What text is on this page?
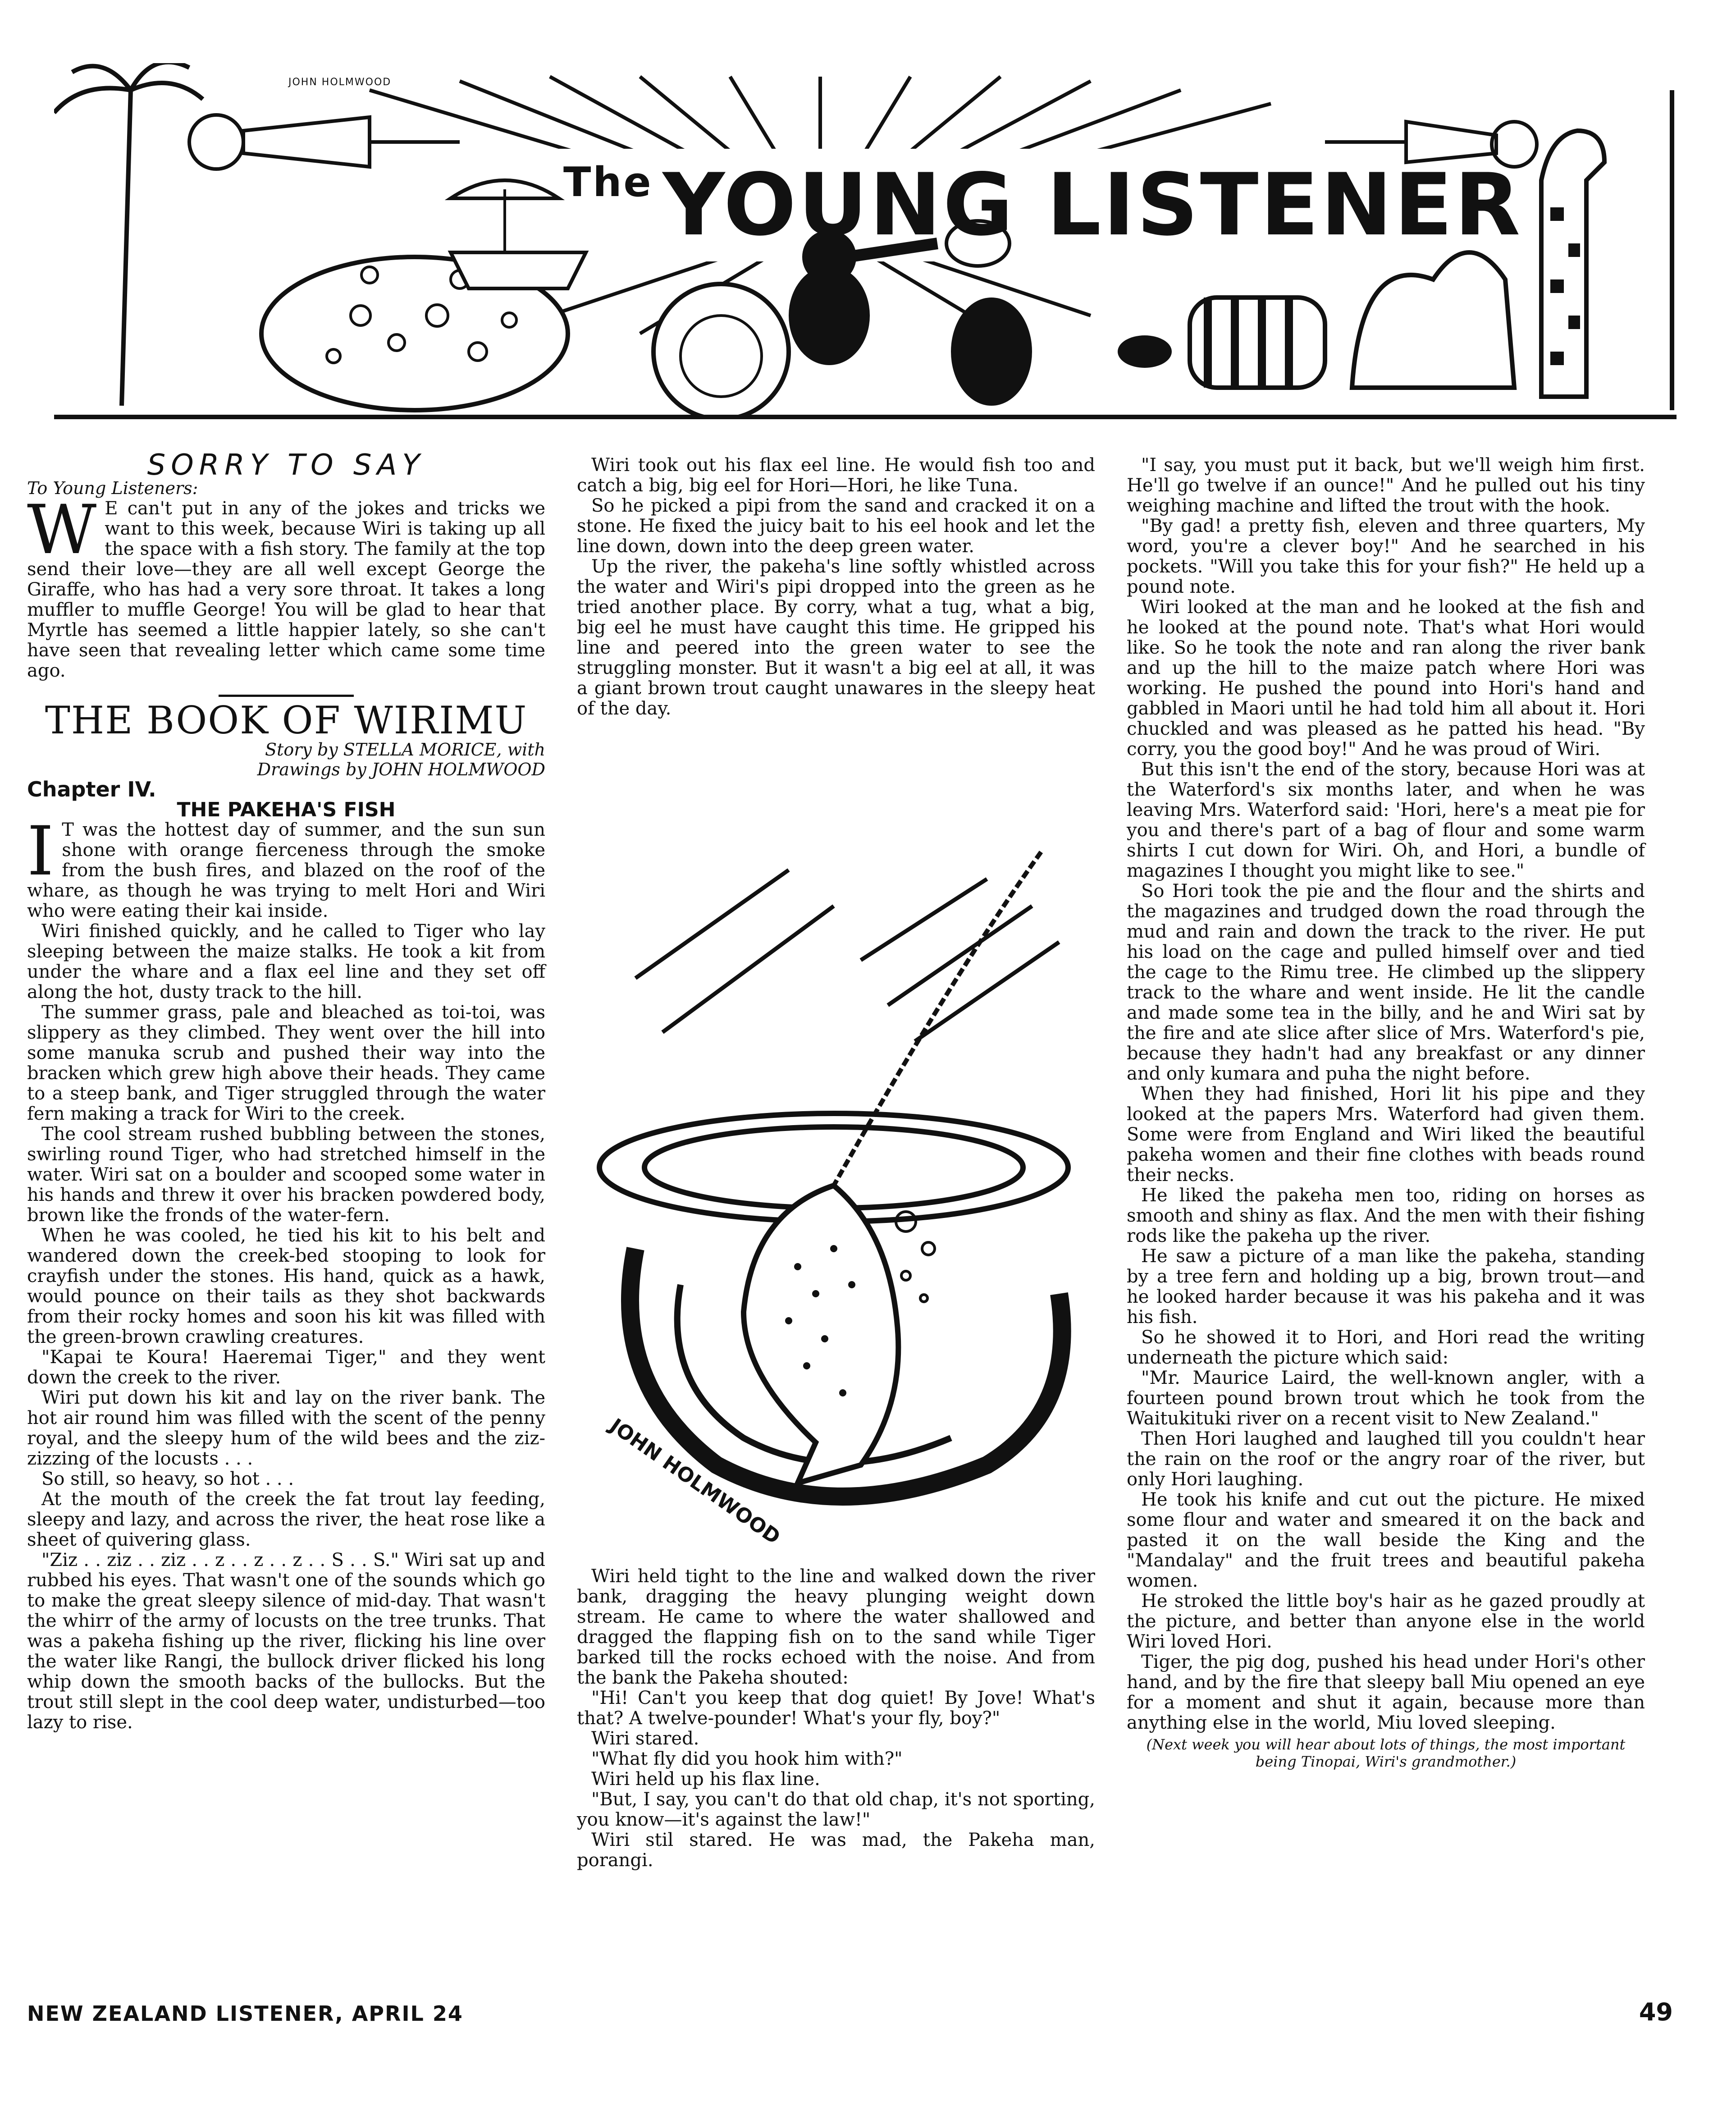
JOHN HOLMWOOD
$^{The}$ YOUNG LISTENER
SORRY TO SAY

To Young Listeners:

W E can't put in any of the jokes and tricks we want to this week, because Wiri is taking up all the space with a fish story. The family at the top send their love—they are all well except George the Giraffe, who has had a very sore throat. It takes a long muffler to muffle George! You will be glad to hear that Myrtle has seemed a little happier lately, so she can't have seen that revealing letter which came some time ago.

THE BOOK OF WIRIMU

Story by STELLA MORICE, with

Drawings by JOHN HOLMWOOD

Chapter IV.

THE PAKEHA'S FISH

I T was the hottest day of summer, and the sun sun shone with orange fierceness through the smoke from the bush fires, and blazed on the roof of the whare, as though he was trying to melt Hori and Wiri who were eating their kai inside.

Wiri finished quickly, and he called to Tiger who lay sleeping between the maize stalks. He took a kit from under the whare and a flax eel line and they set off along the hot, dusty track to the hill.

The summer grass, pale and bleached as toi-toi, was slippery as they climbed. They went over the hill into some manuka scrub and pushed their way into the bracken which grew high above their heads. They came to a steep bank, and Tiger struggled through the water fern making a track for Wiri to the creek.

The cool stream rushed bubbling between the stones, swirling round Tiger, who had stretched himself in the water. Wiri sat on a boulder and scooped some water in his hands and threw it over his bracken powdered body, brown like the fronds of the water-fern.

When he was cooled, he tied his kit to his belt and wandered down the creek-bed stooping to look for crayfish under the stones. His hand, quick as a hawk, would pounce on their tails as they shot backwards from their rocky homes and soon his kit was filled with the green-brown crawling creatures.

"Kapai te Koura! Haeremai Tiger," and they went down the creek to the river.

Wiri put down his kit and lay on the river bank. The hot air round him was filled with the scent of the penny royal, and the sleepy hum of the wild bees and the ziz-zizzing of the locusts . . .

So still, so heavy, so hot . . .

At the mouth of the creek the fat trout lay feeding, sleepy and lazy, and across the river, the heat rose like a sheet of quivering glass.

"Ziz . . ziz . . ziz . . z . . z . . z . . S . . S." Wiri sat up and rubbed his eyes. That wasn't one of the sounds which go to make the great sleepy silence of mid-day. That wasn't the whirr of the army of locusts on the tree trunks. That was a pakeha fishing up the river, flicking his line over the water like Rangi, the bullock driver flicked his long whip down the smooth backs of the bullocks. But the trout still slept in the cool deep water, undisturbed—too lazy to rise.

Wiri took out his flax eel line. He would fish too and catch a big, big eel for Hori—Hori, he like Tuna.

So he picked a pipi from the sand and cracked it on a stone. He fixed the juicy bait to his eel hook and let the line down, down into the deep green water.

Up the river, the pakeha's line softly whistled across the water and Wiri's pipi dropped into the green as he tried another place. By corry, what a tug, what a big, big eel he must have caught this time. He gripped his line and peered into the green water to see the struggling monster. But it wasn't a big eel at all, it was a giant brown trout caught unawares in the sleepy heat of the day.

JOHN HOLMWOOD

Wiri held tight to the line and walked down the river bank, dragging the heavy plunging weight down stream. He came to where the water shallowed and dragged the flapping fish on to the sand while Tiger barked till the rocks echoed with the noise. And from the bank the Pakeha shouted:

"Hi! Can't you keep that dog quiet! By Jove! What's that? A twelve-pounder! What's your fly, boy?"

Wiri stared.

"What fly did you hook him with?"

Wiri held up his flax line.

"But, I say, you can't do that old chap, it's not sporting, you know—it's against the law!"

Wiri stil stared. He was mad, the Pakeha man, porangi.

"I say, you must put it back, but we'll weigh him first. He'll go twelve if an ounce!" And he pulled out his tiny weighing machine and lifted the trout with the hook.

"By gad! a pretty fish, eleven and three quarters, My word, you're a clever boy!" And he searched in his pockets. "Will you take this for your fish?" He held up a pound note.

Wiri looked at the man and he looked at the fish and he looked at the pound note. That's what Hori would like. So he took the note and ran along the river bank and up the hill to the maize patch where Hori was working. He pushed the pound into Hori's hand and gabbled in Maori until he had told him all about it. Hori chuckled and was pleased as he patted his head. "By corry, you the good boy!" And he was proud of Wiri.

But this isn't the end of the story, because Hori was at the Waterford's six months later, and when he was leaving Mrs. Waterford said: 'Hori, here's a meat pie for you and there's part of a bag of flour and some warm shirts I cut down for Wiri. Oh, and Hori, a bundle of magazines I thought you might like to see."

So Hori took the pie and the flour and the shirts and the magazines and trudged down the road through the mud and rain and down the track to the river. He put his load on the cage and pulled himself over and tied the cage to the Rimu tree. He climbed up the slippery track to the whare and went inside. He lit the candle and made some tea in the billy, and he and Wiri sat by the fire and ate slice after slice of Mrs. Waterford's pie, because they hadn't had any breakfast or any dinner and only kumara and puha the night before.

When they had finished, Hori lit his pipe and they looked at the papers Mrs. Waterford had given them. Some were from England and Wiri liked the beautiful pakeha women and their fine clothes with beads round their necks.

He liked the pakeha men too, riding on horses as smooth and shiny as flax. And the men with their fishing rods like the pakeha up the river.

He saw a picture of a man like the pakeha, standing by a tree fern and holding up a big, brown trout—and he looked harder because it was his pakeha and it was his fish.

So he showed it to Hori, and Hori read the writing underneath the picture which said:

"Mr. Maurice Laird, the well-known angler, with a fourteen pound brown trout which he took from the Waitukituki river on a recent visit to New Zealand."

Then Hori laughed and laughed till you couldn't hear the rain on the roof or the angry roar of the river, but only Hori laughing.

He took his knife and cut out the picture. He mixed some flour and water and smeared it on the back and pasted it on the wall beside the King and the "Mandalay" and the fruit trees and beautiful pakeha women.

He stroked the little boy's hair as he gazed proudly at the picture, and better than anyone else in the world Wiri loved Hori.

Tiger, the pig dog, pushed his head under Hori's other hand, and by the fire that sleepy ball Miu opened an eye for a moment and shut it again, because more than anything else in the world, Miu loved sleeping.

(Next week you will hear about lots of things, the most important being Tinopai, Wiri's grandmother.)

NEW ZEALAND LISTENER, APRIL 24	49
